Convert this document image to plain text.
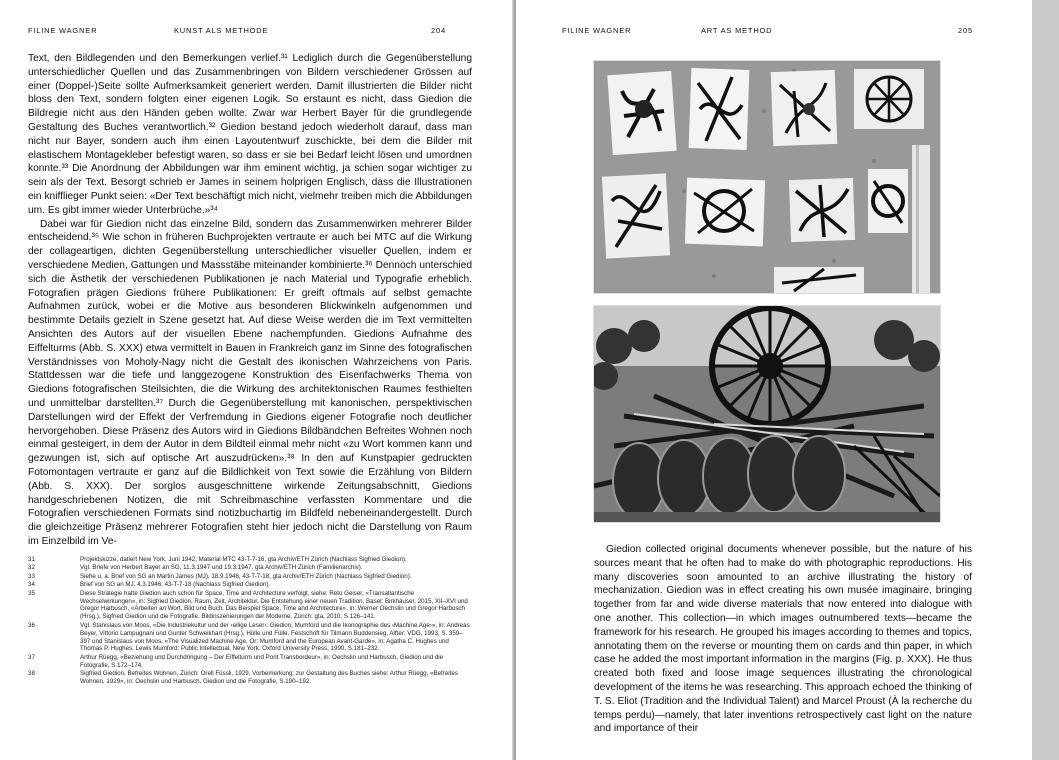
FILINE WAGNER	KUNST ALS METHODE	204

Text, den Bildlegenden und den Bemerkungen verlief.³¹ Lediglich durch die Gegenüberstellung unterschiedlicher Quellen und das Zusammenbringen von Bildern verschiedener Grössen auf einer (Doppel-)Seite sollte Aufmerksamkeit generiert werden. Damit illustrierten die Bilder nicht bloss den Text, sondern folgten einer eigenen Logik. So erstaunt es nicht, dass Giedion die Bildregie nicht aus den Händen geben wollte. Zwar war Herbert Bayer für die grundlegende Gestaltung des Buches verantwortlich.³² Giedion bestand jedoch wiederholt darauf, dass man nicht nur Bayer, sondern auch ihm einen Layoutentwurf zuschickte, bei dem die Bilder mit elastischem Montagekleber befestigt waren, so dass er sie bei Bedarf leicht lösen und umordnen konnte.³³ Die Anordnung der Abbildungen war ihm eminent wichtig, ja schien sogar wichtiger zu sein als der Text. Besorgt schrieb er James in seinem holprigen Englisch, dass die Illustrationen ein knifflieger Punkt seien: «Der Text beschäftigt mich nicht, vielmehr treiben mich die Abbildungen um. Es gibt immer wieder Unterbrüche.»³⁴

Dabei war für Giedion nicht das einzelne Bild, sondern das Zusammenwirken mehrerer Bilder entscheidend.³⁵ Wie schon in früheren Buchprojekten vertraute er auch bei MTC auf die Wirkung der collageartigen, dichten Gegenüberstellung unterschiedlicher visueller Quellen, indem er verschiedene Medien, Gattungen und Massstäbe miteinander kombinierte.³⁶ Dennoch unterschied sich die Ästhetik der verschiedenen Publikationen je nach Material und Typografie erheblich. Fotografien prägen Giedions frühere Publikationen: Er greift oftmals auf selbst gemachte Aufnahmen zurück, wobei er die Motive aus besonderen Blickwinkeln aufgenommen und bestimmte Details gezielt in Szene gesetzt hat. Auf diese Weise werden die im Text vermittelten Ansichten des Autors auf der visuellen Ebene nachempfunden. Giedions Aufnahme des Eiffelturms (Abb. S. XXX) etwa vermittelt in Bauen in Frankreich ganz im Sinne des fotografischen Verständnisses von Moholy-Nagy nicht die Gestalt des ikonischen Wahrzeichens von Paris. Stattdessen war die tiefe und langgezogene Konstruktion des Eisenfachwerks Thema von Giedions fotografischen Steilsichten, die die Wirkung des architektonischen Raumes festhielten und unmittelbar darstellten.³⁷ Durch die Gegenüberstellung mit kanonischen, perspektivischen Darstellungen wird der Effekt der Verfremdung in Giedions eigener Fotografie noch deutlicher hervorgehoben. Diese Präsenz des Autors wird in Giedions Bildbändchen Befreites Wohnen noch einmal gesteigert, in dem der Autor in dem Bildteil einmal mehr nicht «zu Wort kommen kann und gezwungen ist, sich auf optische Art auszudrücken».³⁸ In den auf Kunstpapier gedruckten Fotomontagen vertraute er ganz auf die Bildlichkeit von Text sowie die Erzählung von Bildern (Abb. S. XXX). Der sorglos ausgeschnittene wirkende Zeitungsabschnitt, Giedions handgeschriebenen Notizen, die mit Schreibmaschine verfassten Kommentare und die Fotografien verschiedenen Formats sind notizbuchartig im Bildfeld nebeneinandergestellt. Durch die gleichzeitige Präsenz mehrerer Fotografien steht hier jedoch nicht die Darstellung von Raum im Einzelbild im Ve-

31	Projektskizze, datiert New York, Juni 1942, Material MTC 43-T-7-16, gta Archiv/ETH Zürich (Nachlass Sigfried Giedion).
32	Vgl. Briefe von Herbert Bayer an SG, 11.3.1947 und 19.3.1947, gta Archiv/ETH Zürich (Familienarchiv).
33	Siehe u. a. Brief von SG an Martin James (MJ), 18.9.1946, 43-T-7-18, gta Archiv/ETH Zürich (Nachlass Sigfried Giedion).
34	Brief von SG an MJ, 4.3.1946, 43-T-7-18 (Nachlass Sigfried Giedion).
35	Diese Strategie hatte Giedion auch schon für Space, Time and Architecture verfolgt, siehe: Reto Geiser, «Transatlantische Wechselwirkungen», in: Sigfried Giedion, Raum, Zeit, Architektur. Die Entstehung einer neuen Tradition, Basel: Birkhäuser, 2015, XII–XVI und Gregor Harbusch, «Arbeiten an Wort, Bild und Buch. Das Beispiel Space, Time and Architecture», in: Werner Oechslin und Gregor Harbusch (Hrsg.), Sigfried Giedion und die Fotografie. Bildinszenierungen der Moderne, Zürich: gta, 2010, S.126–141.
36	Vgl. Stanislaus von Moos, «Die Industriekultur und der ‹eilige Leser›: Giedion, Mumford und die Ikonographie des ‹Machine Age›», in: Andreas Beyer, Vittorio Lampugnani und Gunter Schweikhart (Hrsg.), Hülle und Fülle. Festschrift für Tilmann Buddensieg, Alfter: VDG, 1993, S. 359–397 und Stanislaus von Moos, «The Visualized Machine Age, Or: Mumford and the European Avant-Garde», in: Agatha C. Hughes und Thomas P. Hughes, Lewis Mumford: Public Intellectual, New York: Oxford University Press, 1990, S.181–232.
37	Arthur Rüegg, «Beziehung und Durchdringung – Der Eiffelturm und Pont Transbordeur», in: Oechslin und Harbusch, Giedion und die Fotografie, S.172–174.
38	Sigfried Giedion, Befreites Wohnen, Zürich: Orell Füssli, 1929, Vorbemerkung; zur Gestaltung des Buches siehe: Arthur Rüegg, «Befreites Wohnen, 1929», in: Oechslin und Harbusch, Giedion und die Fotografie, S.190–192.
FILINE WAGNER	ART AS METHOD	205

Giedion collected original documents whenever possible, but the nature of his sources meant that he often had to make do with photographic reproductions. His many discoveries soon amounted to an archive illustrating the history of mechanization. Giedion was in effect creating his own musée imaginaire, bringing together from far and wide diverse materials that now entered into dialogue with one another. This collection—in which images outnumbered texts—became the framework for his research. He grouped his images according to themes and topics, annotating them on the reverse or mounting them on cards and thin paper, in which case he added the most important information in the margins (Fig. p. XXX). He thus created both fixed and loose image sequences illustrating the chronological development of the items he was researching. This approach echoed the thinking of T. S. Eliot (Tradition and the Individual Talent) and Marcel Proust (À la recherche du temps perdu)—namely, that later inventions retrospectively cast light on the nature and importance of their
